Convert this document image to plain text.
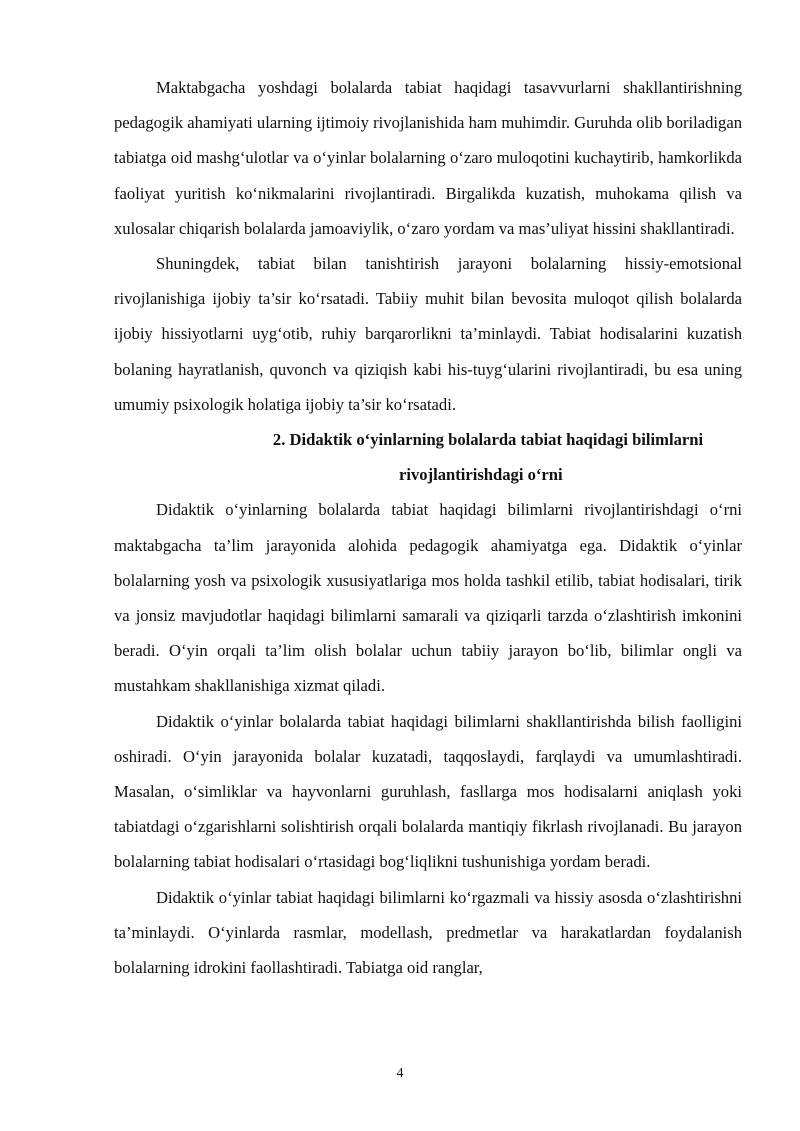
Maktabgacha yoshdagi bolalarda tabiat haqidagi tasavvurlarni shakllantirishning pedagogik ahamiyati ularning ijtimoiy rivojlanishida ham muhimdir. Guruhda olib boriladigan tabiatga oid mashg‘ulotlar va o‘yinlar bolalarning o‘zaro muloqotini kuchaytirib, hamkorlikda faoliyat yuritish ko‘nikmalarini rivojlantiradi. Birgalikda kuzatish, muhokama qilish va xulosalar chiqarish bolalarda jamoaviylik, o‘zaro yordam va mas’uliyat hissini shakllantiradi.

Shuningdek, tabiat bilan tanishtirish jarayoni bolalarning hissiy-emotsional rivojlanishiga ijobiy ta’sir ko‘rsatadi. Tabiiy muhit bilan bevosita muloqot qilish bolalarda ijobiy hissiyotlarni uyg‘otib, ruhiy barqarorlikni ta’minlaydi. Tabiat hodisalarini kuzatish bolaning hayratlanish, quvonch va qiziqish kabi his-tuyg‘ularini rivojlantiradi, bu esa uning umumiy psixologik holatiga ijobiy ta’sir ko‘rsatadi.

2. Didaktik o‘yinlarning bolalarda tabiat haqidagi bilimlarni
rivojlantirishdagi o‘rni

Didaktik o‘yinlarning bolalarda tabiat haqidagi bilimlarni rivojlantirishdagi o‘rni maktabgacha ta’lim jarayonida alohida pedagogik ahamiyatga ega. Didaktik o‘yinlar bolalarning yosh va psixologik xususiyatlariga mos holda tashkil etilib, tabiat hodisalari, tirik va jonsiz mavjudotlar haqidagi bilimlarni samarali va qiziqarli tarzda o‘zlashtirish imkonini beradi. O‘yin orqali ta’lim olish bolalar uchun tabiiy jarayon bo‘lib, bilimlar ongli va mustahkam shakllanishiga xizmat qiladi.

Didaktik o‘yinlar bolalarda tabiat haqidagi bilimlarni shakllantirishda bilish faolligini oshiradi. O‘yin jarayonida bolalar kuzatadi, taqqoslaydi, farqlaydi va umumlashtiradi. Masalan, o‘simliklar va hayvonlarni guruhlash, fasllarga mos hodisalarni aniqlash yoki tabiatdagi o‘zgarishlarni solishtirish orqali bolalarda mantiqiy fikrlash rivojlanadi. Bu jarayon bolalarning tabiat hodisalari o‘rtasidagi bog‘liqlikni tushunishiga yordam beradi.

Didaktik o‘yinlar tabiat haqidagi bilimlarni ko‘rgazmali va hissiy asosda o‘zlashtirishni ta’minlaydi. O‘yinlarda rasmlar, modellash, predmetlar va harakatlardan foydalanish bolalarning idrokini faollashtiradi. Tabiatga oid ranglar,

4
